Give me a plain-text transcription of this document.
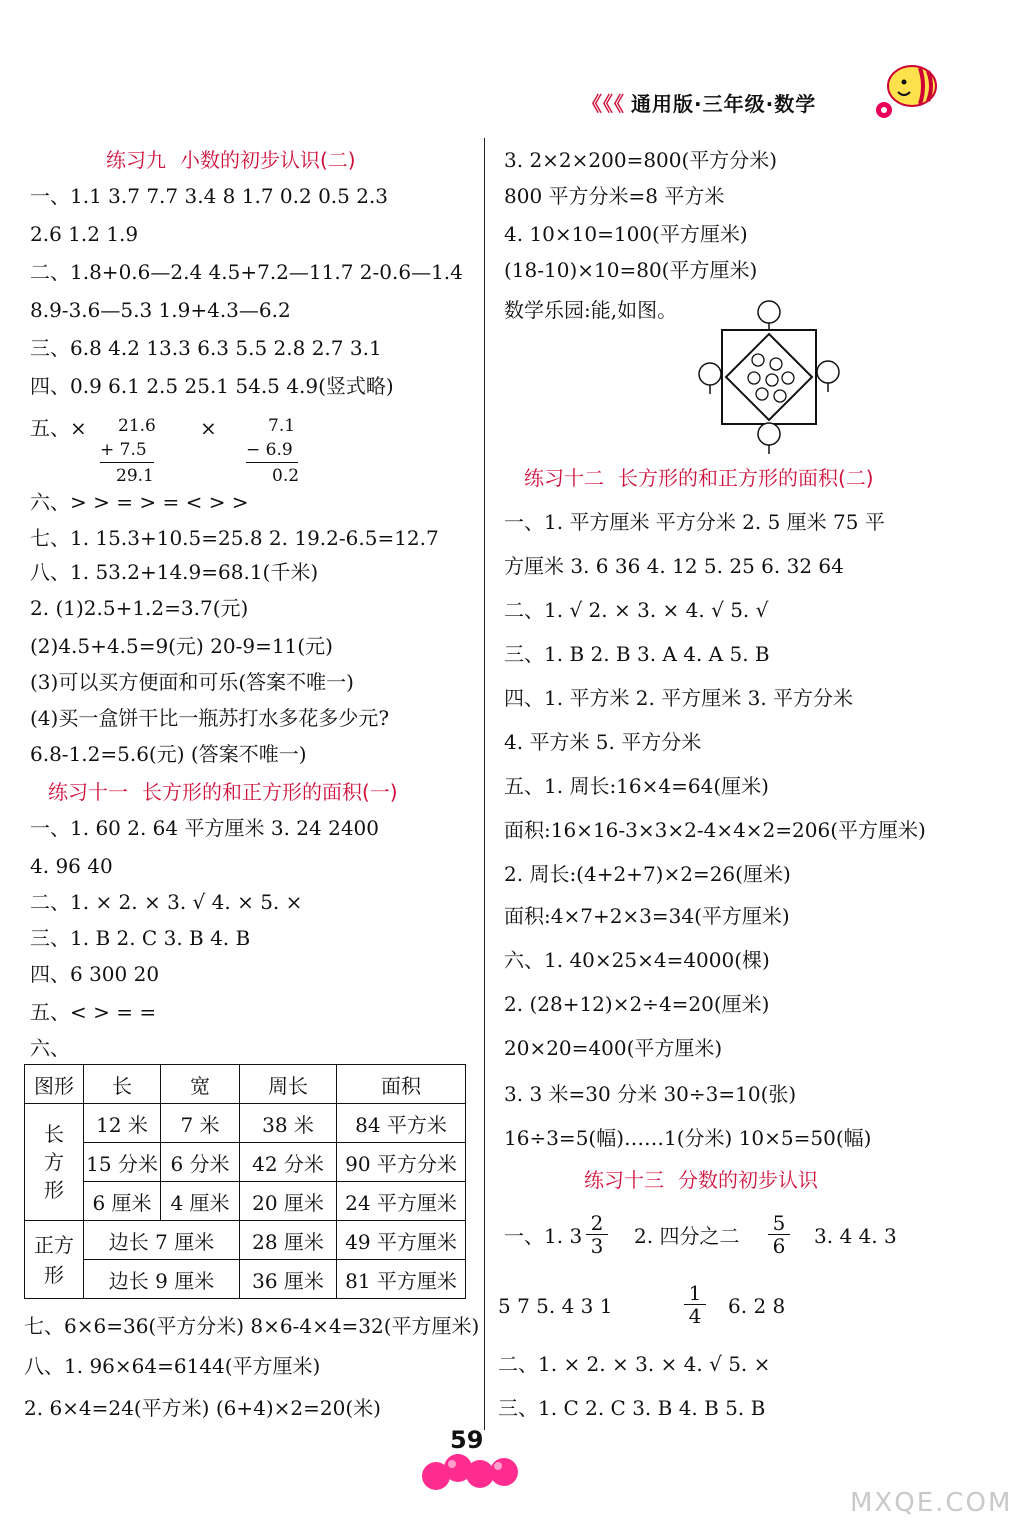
《《《 通用版·三年级·数学
练习九 小数的初步认识(二)
一、1.1 3.7 7.7 3.4 8 1.7 0.2 0.5 2.3
2.6 1.2 1.9
二、1.8+0.6—2.4 4.5+7.2—11.7 2-0.6—1.4
8.9-3.6—5.3 1.9+4.3—6.2
三、6.8 4.2 13.3 6.3 5.5 2.8 2.7 3.1
四、0.9 6.1 2.5 25.1 54.5 4.9(竖式略)
五、× 21.6
+ 7.5
29.1
×	7.1
− 6.9
0.2
六、> > = > = < > >
七、1. 15.3+10.5=25.8 2. 19.2-6.5=12.7
八、1. 53.2+14.9=68.1(千米)
2. (1)2.5+1.2=3.7(元)
(2)4.5+4.5=9(元) 20-9=11(元)
(3)可以买方便面和可乐(答案不唯一)
(4)买一盒饼干比一瓶苏打水多花多少元?
6.8-1.2=5.6(元) (答案不唯一)
练习十一 长方形的和正方形的面积(一)
一、1. 60 2. 64 平方厘米 3. 24 2400
4. 96 40
二、1. × 2. × 3. √ 4. × 5. ×
三、1. B 2. C 3. B 4. B
四、6 300 20
五、< > = =
六、
图形	长	宽	周长	面积

长方形	12 米	7 米	38 米	84 平方米
	15 分米	6 分米	42 分米	90 平方分米
	6 厘米	4 厘米	20 厘米	24 平方厘米

正方形	边长 7 厘米		28 厘米	49 平方厘米
	边长 9 厘米		36 厘米	81 平方厘米
七、6×6=36(平方分米) 8×6-4×4=32(平方厘米)
八、1. 96×64=6144(平方厘米)
2. 6×4=24(平方米) (6+4)×2=20(米)
3. 2×2×200=800(平方分米)
800 平方分米=8 平方米
4. 10×10=100(平方厘米)
(18-10)×10=80(平方厘米)
数学乐园:能,如图。
练习十二 长方形的和正方形的面积(二)
一、1. 平方厘米 平方分米 2. 5 厘米 75 平
方厘米 3. 6 36 4. 12 5. 25 6. 32 64
二、1. √ 2. × 3. × 4. √ 5. √
三、1. B 2. B 3. A 4. A 5. B
四、1. 平方米 2. 平方厘米 3. 平方分米
4. 平方米 5. 平方分米
五、1. 周长:16×4=64(厘米)
面积:16×16-3×3×2-4×4×2=206(平方厘米)
2. 周长:(4+2+7)×2=26(厘米)
面积:4×7+2×3=34(平方厘米)
六、1. 40×25×4=4000(棵)
2. (28+12)×2÷4=20(厘米)
20×20=400(平方厘米)
3. 3 米=30 分米 30÷3=10(张)
16÷3=5(幅)……1(分米) 10×5=50(幅)
练习十三 分数的初步认识
一、1. $3 \frac{2}{3} 2$. 四分之二 $\frac{5}{6} 3$. 4 4. 3
5 7 5. 4 3 1	$\frac{1}{4} 6$. 2 8
二、1. × 2. × 3. × 4. √ 5. ×
三、1. C 2. C 3. B 4. B 5. B
59
MXQE.COM
